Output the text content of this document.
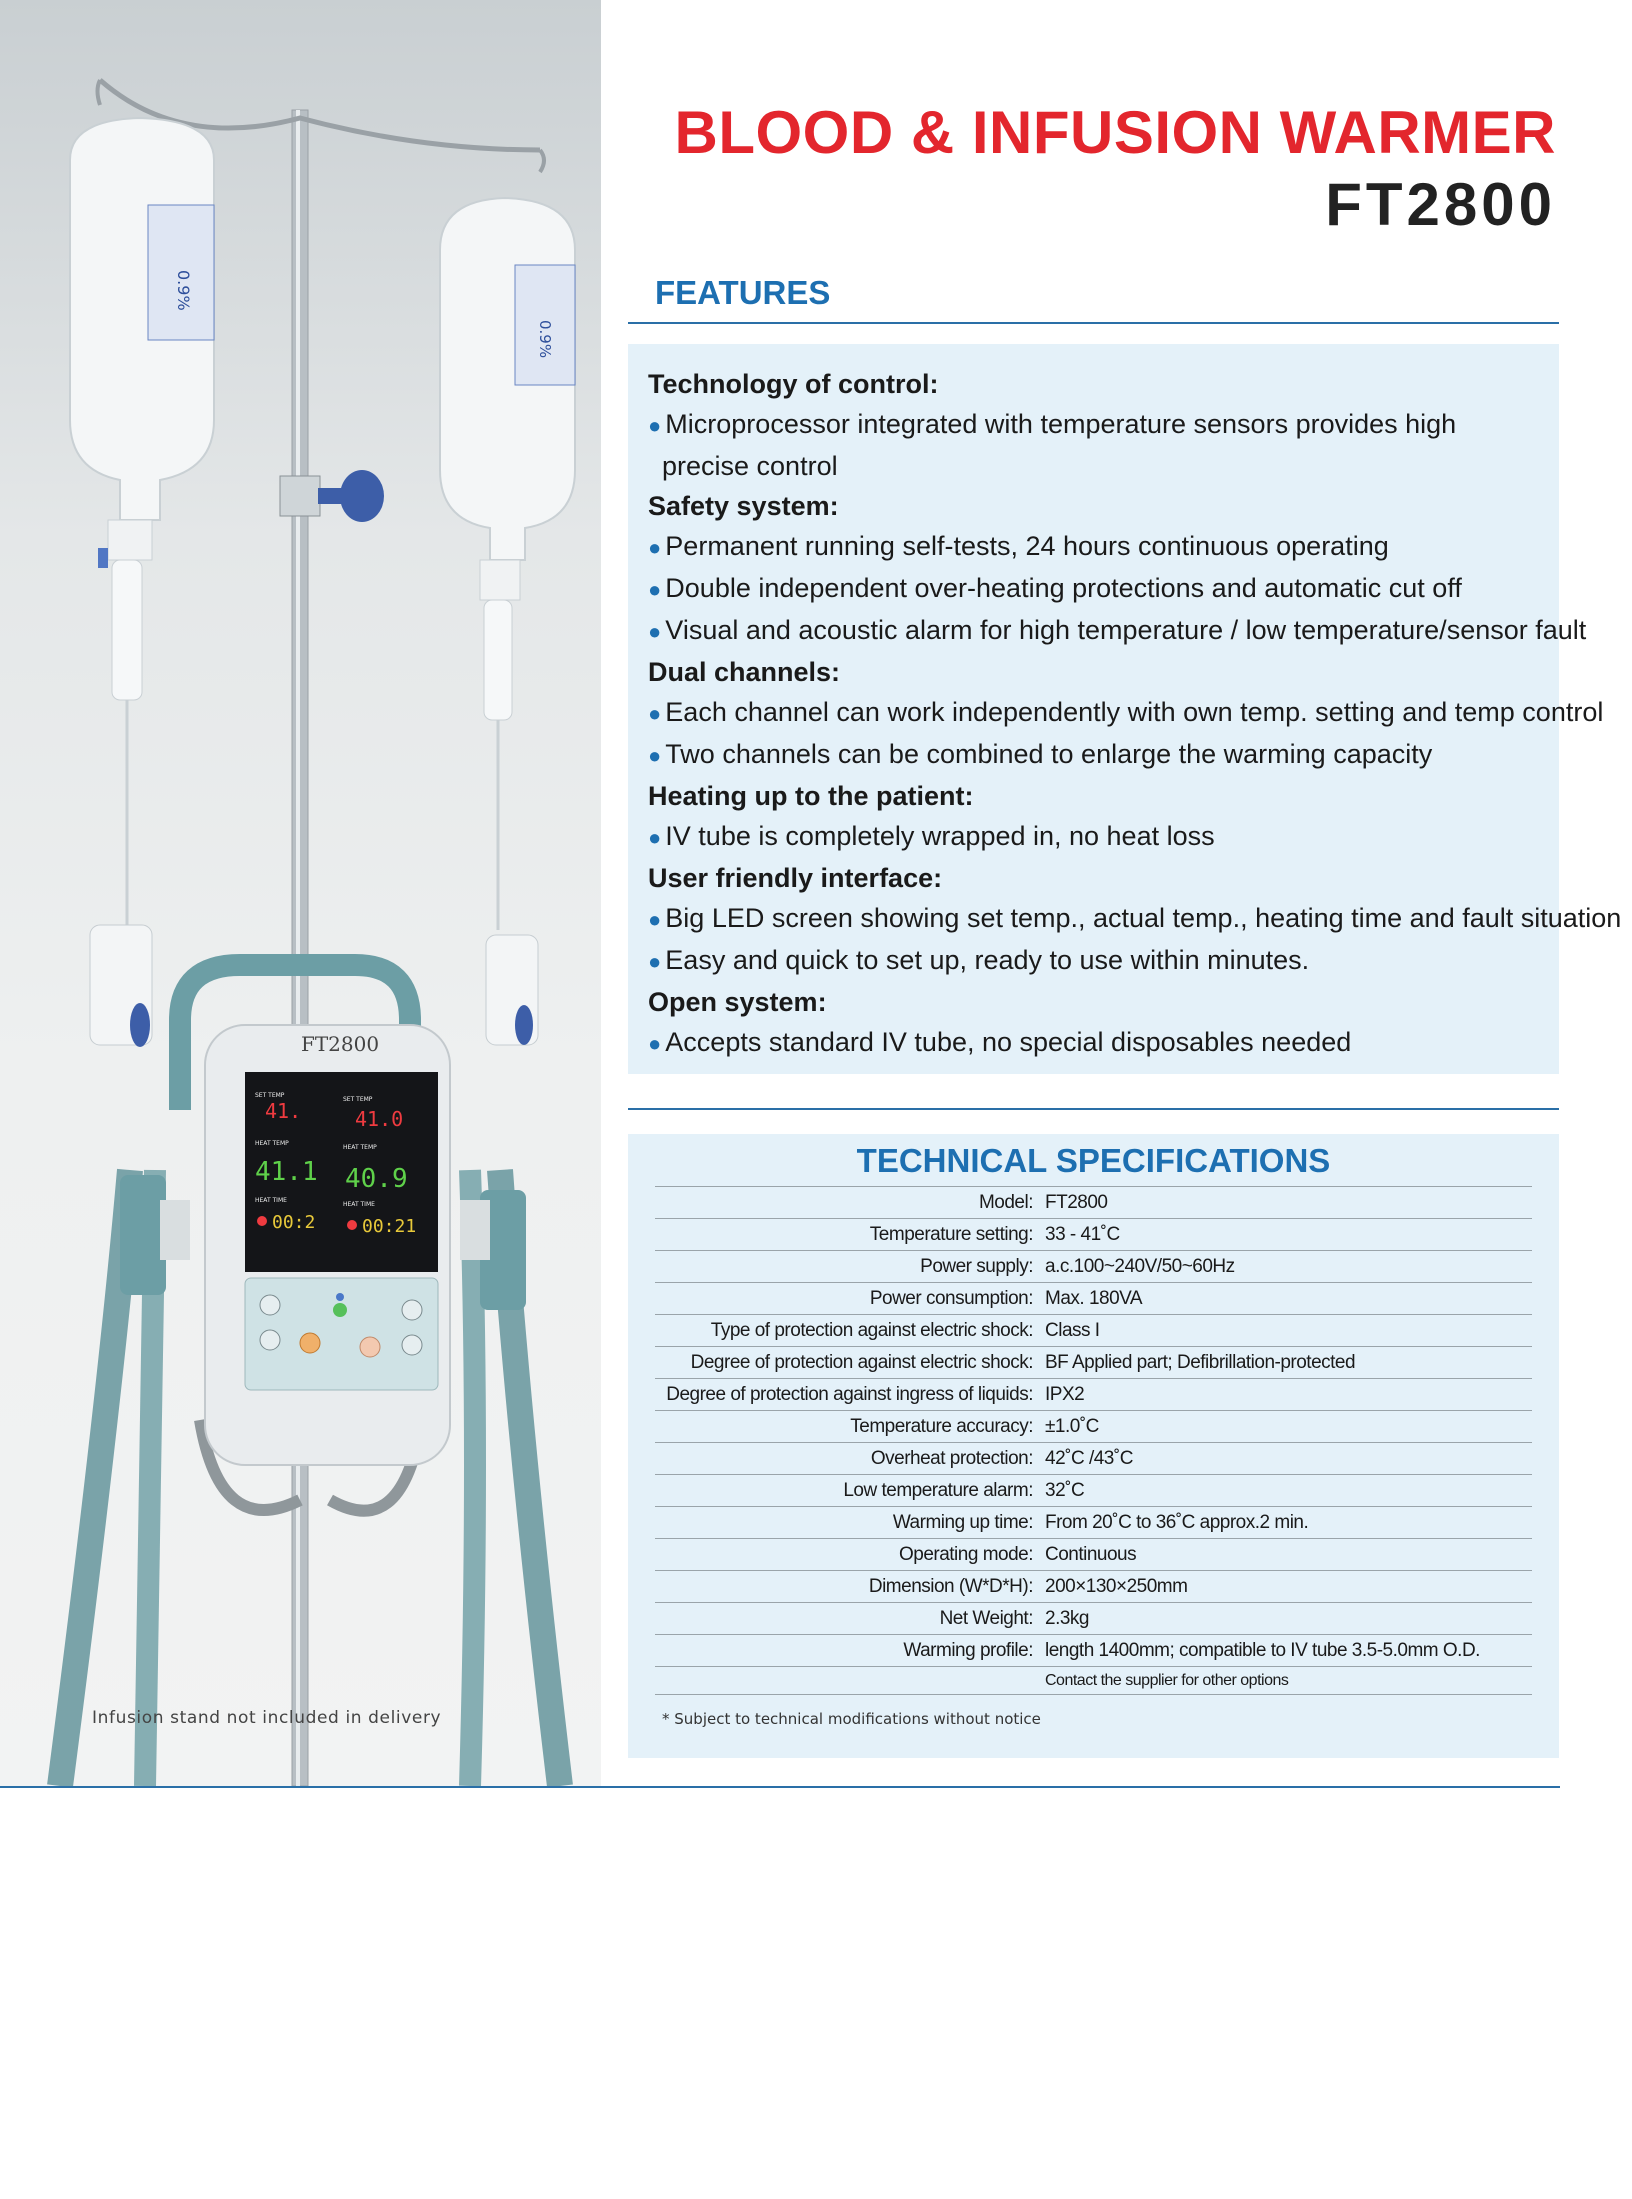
0.9%
0.9%
FT2800
SET TEMP
SET TEMP
41.	41.0
HEAT TEMP
HEAT TEMP
41.1 40.9
HEAT TIME
HEAT TIME
00:2	00:21
Infusion stand not included in delivery
BLOOD & INFUSION WARMER
FT2800
FEATURES
Technology of control:
● Microprocessor integrated with temperature sensors provides high
precise control
Safety system:
● Permanent running self-tests, 24 hours continuous operating
● Double independent over-heating protections and automatic cut off
● Visual and acoustic alarm for high temperature / low temperature/sensor fault
Dual channels:
● Each channel can work independently with own temp. setting and temp control
● Two channels can be combined to enlarge the warming capacity
Heating up to the patient:
● IV tube is completely wrapped in, no heat loss
User friendly interface:
● Big LED screen showing set temp., actual temp., heating time and fault situation
● Easy and quick to set up, ready to use within minutes.
Open system:
● Accepts standard IV tube, no special disposables needed
TECHNICAL SPECIFICATIONS
Model: FT2800
Temperature setting: 33 - 41˚C
Power supply: a.c.100~240V/50~60Hz
Power consumption: Max. 180VA
Type of protection against electric shock: Class I
Degree of protection against electric shock: BF Applied part; Defibrillation-protected
Degree of protection against ingress of liquids: IPX2
Temperature accuracy: ±1.0˚C
Overheat protection: 42˚C /43˚C
Low temperature alarm: 32˚C
Warming up time: From 20˚C to 36˚C approx.2 min.
Operating mode: Continuous
Dimension (W*D*H): 200×130×250mm
Net Weight: 2.3kg
Warming profile: length 1400mm; compatible to IV tube 3.5-5.0mm O.D.
Contact the supplier for other options
* Subject to technical modifications without notice
